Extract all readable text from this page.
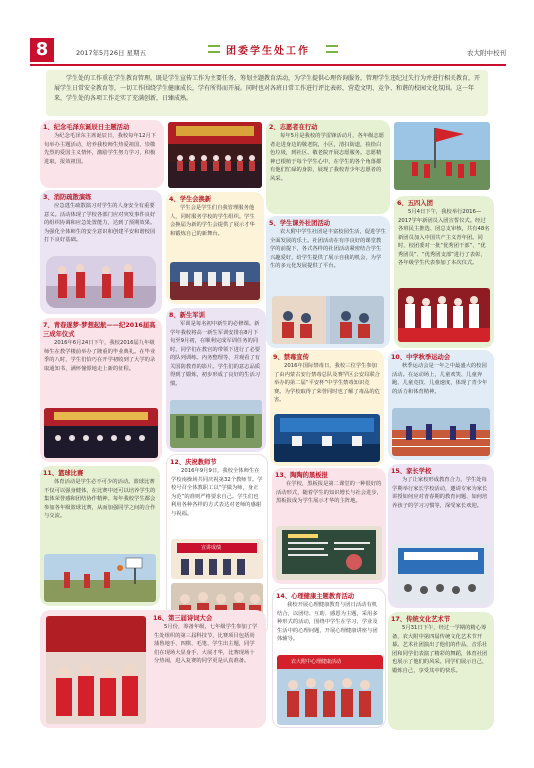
8	2017年5月26日 星期五	团委学生处工作	农大附中校刊
学生处的工作重在学生教育管理。既是学生宣传工作为主要任务，筹划主题教育活动，为学生提供心理咨询服务，管理学生违纪过失行为并进行相关教育，开展学生日常安全教育等，一切工作围绕学生健康成长，学有所得而开展。同时也对各班日常工作进行评比表彰，营造文明、竞争、和谐的校园文化氛围。这一年来，学生处的各项工作走实了充满创新，日臻成熟。
1、纪念毛泽东诞辰日主题活动
为纪念毛泽东主席诞辰日，我校每年12月下旬举办主题活动，培养我校师生热爱祖国，崇敬先烈的爱国主义情怀，激励学生努力学习，积极进取，报效祖国。
2、志愿者在行动
每年5月是我校的学雷锋活动月，各年级志愿者走进身边的敬老院，小区，清扫街道，捡拾白色垃圾，到社区、敬老院开展志愿服务。志愿精神已根植于每个学生心中，在学生的各个角落都有他们忙碌的身影，展现了我校青少年志愿者的风采。
3、消防疏散演练
应急逃生疏散演习对学生的人身安全有重要意义。活动体现了学校各部门应对突发事件良好的组织协调和应急处置能力，达到了预期效果。为强化全体师生的安全意识和创建平安和谐校园打下良好基础。
4、学生会换新
学生会是学生们自我管理服务他人，同时服务学校的学生组织。学生会换届为新的学生会提供了展示才华和锻炼自己的新舞台。
5、学生课外社团活动
农大附中学生社团是丰富校园生活，促进学生全面发展的乐土。社团活动在有序良好的课堂教学的前提下，各式各样的社团活动紧密结合学生兴趣爱好，给学生提供了展示自我的机会，为学生的多元化发展提供了平台。
6、五四入团
5月4日下午，我校举行2016—2017学年新团员入团宣誓仪式。经过各班民主推选、团总支审核，共有48名新团员加入中国共产主义青年团。同时，校团委对一批“优秀团干部”、“优秀团员”、“优秀团支部”进行了表彰，各年级学生代表参加了本次仪式。
7、青春逐梦·梦想起航——纪2016届高三成年仪式
2016年6月24日下午，我校2016届九年级师生在教学楼前举办了隆重的毕业典礼。在毕业季的八时，学生们恰巧在开学初收到了大学的录取通知书，满怀憧憬地走上新的征程。
8、新生军训
军训是每名初中新生的必修课。新学年我校将高一新生军训安排在8月下旬至9月初，在顺利完成军训任务的同时，同学们在教官的带领下进行了必要的队列训练、内务整理等，并观看了有关国防教育的影片。学生们的意志品质得到了锻炼，初步形成了良好的生活习惯。
9、禁毒宣传
2016年国际禁毒日，我校三位学生参加了由内蒙古安行禁毒总队及赛罕区公安局联合举办的第二届“平安杯”中学生禁毒知识竞赛。为学校取得了荣誉同时也了解了毒品的危害。
10、中学秋季运动会
秋季运动会是一年之中最盛大的校园活动。在运动场上，儿童欢笑、儿童奔跑、儿童竞技、儿童速度，体现了青少年的活力和体育精神。
11、篮球比赛
体育活动是学生必不可少的活动。篮球比赛不仅可以强身健体，在比赛中还可以培养学生的集体荣誉感和团结协作精神。每年我校学生都会参加各年级篮球比赛，从而加强同学之间的合作与交流。
12、庆祝教师节
2016年9月9日，我校全体师生在学校南操场共同庆祝第32个教师节。学校号召全体教职工以“学做为师，身正为范”的准则严格要求自己。学生们也利用各种各样的方式表达对老师的感谢与祝福。
宣讲成绩
13、陶陶的黑板报
在学校，黑板报是第二课堂的一种很好的活动形式，随着学生的知识增长与社会进步，黑板报成为学生展示才华的主阵地。
15、家长学校
为了让家校形成教育合力，学生处每学期举行家长学校活动，邀请专家为家长讲授如何应对青春期的教育问题、如何培养孩子的学习习惯等，深受家长欢迎。
14、心理健康主题教育活动
我校开展心理健康教育与团日活动有机结合，以团结、互助、感恩为主题，采用多种形式的活动，围绕中学生在学习、学业及生活中的心理问题，开展心理健康讲座与团体辅导。
农大附中心理健康活动
16、第三届诗词大会
5月份，筹备年级，七年级学生参加了学生处组织的第三届科技节，比赛项目包括尚蒲鲁地手、四棋、毛笔、学生出主题，同学们在现场大显身手，大展才华，比赛现场十分热闹，进入复赛的同学更是认真准备。
17、传统文化艺术节
5月31日下午，经过一学期的精心筹备，农大附中第四届传统文化艺术节开幕。艺术社团演出了他们的作品，音乐社团和同学们表演了精彩的舞蹈，体育社团也展示了他们的风采。同学们展示自己，锻炼自己，享受其中的快乐。
